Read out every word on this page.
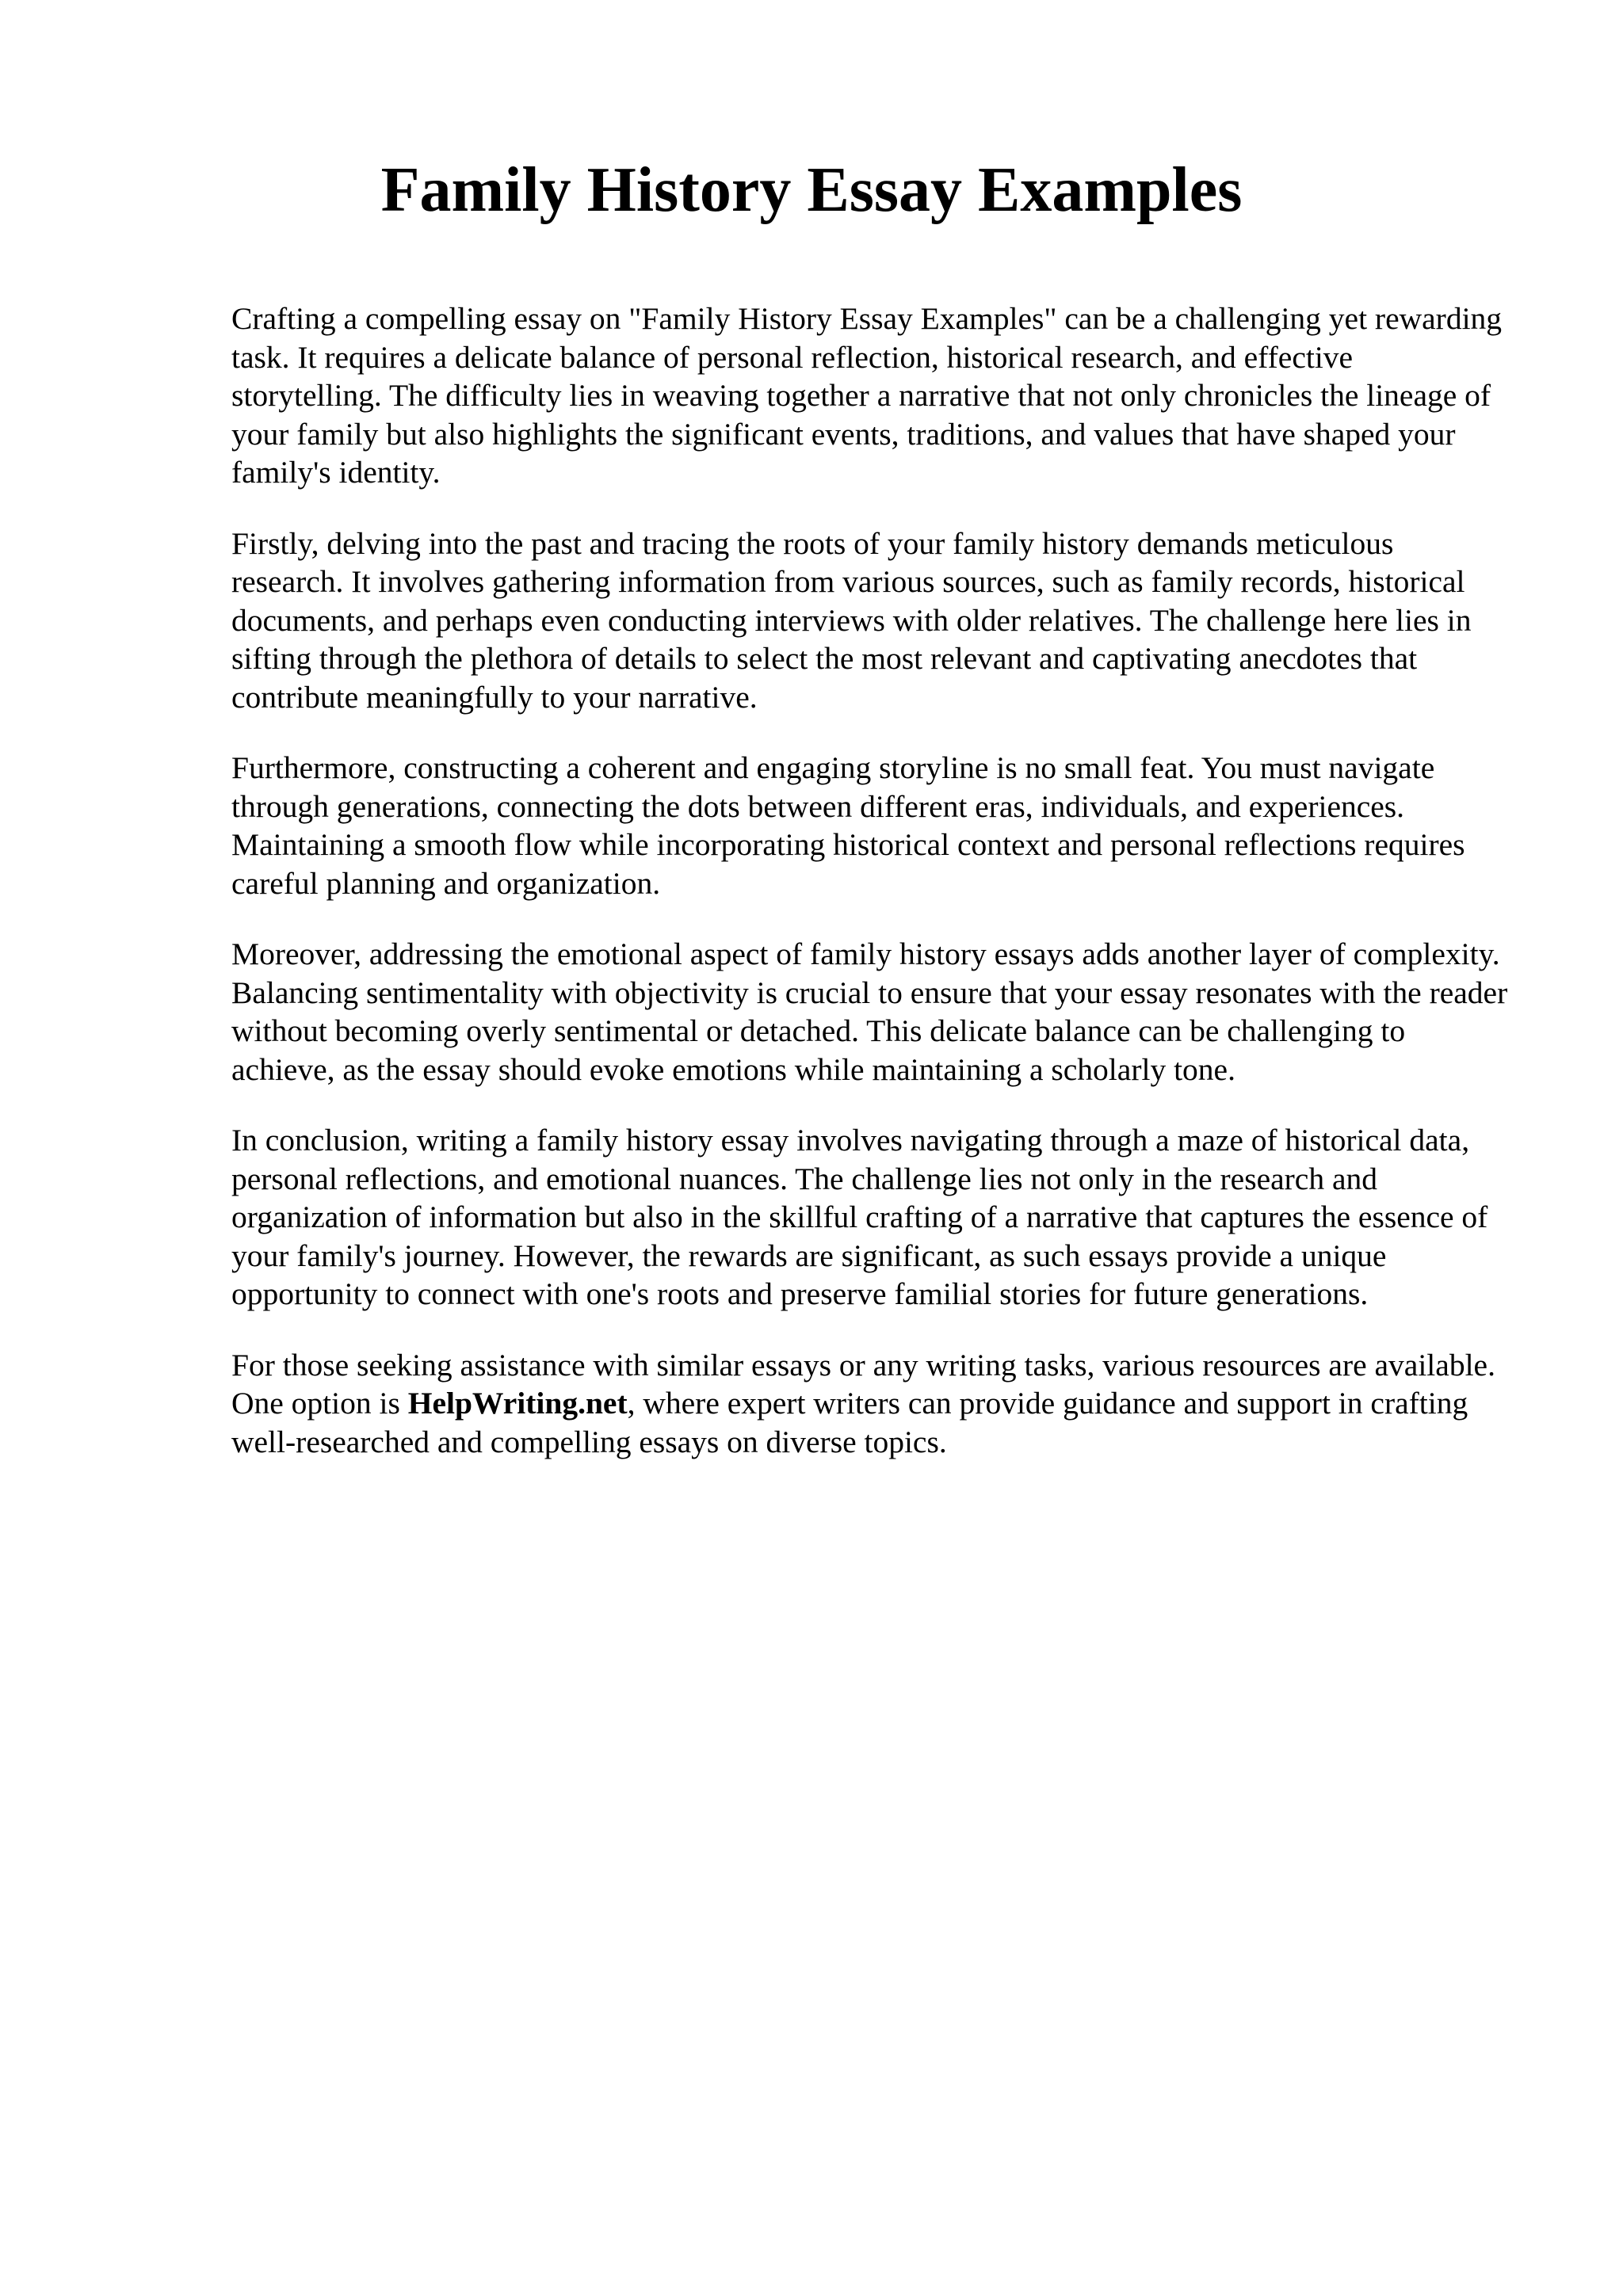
Family History Essay Examples

Crafting a compelling essay on "Family History Essay Examples" can be a challenging yet rewarding task. It requires a delicate balance of personal reflection, historical research, and effective storytelling. The difficulty lies in weaving together a narrative that not only chronicles the lineage of your family but also highlights the significant events, traditions, and values that have shaped your family's identity.

Firstly, delving into the past and tracing the roots of your family history demands meticulous research. It involves gathering information from various sources, such as family records, historical documents, and perhaps even conducting interviews with older relatives. The challenge here lies in sifting through the plethora of details to select the most relevant and captivating anecdotes that contribute meaningfully to your narrative.

Furthermore, constructing a coherent and engaging storyline is no small feat. You must navigate through generations, connecting the dots between different eras, individuals, and experiences. Maintaining a smooth flow while incorporating historical context and personal reflections requires careful planning and organization.

Moreover, addressing the emotional aspect of family history essays adds another layer of complexity. Balancing sentimentality with objectivity is crucial to ensure that your essay resonates with the reader without becoming overly sentimental or detached. This delicate balance can be challenging to achieve, as the essay should evoke emotions while maintaining a scholarly tone.

In conclusion, writing a family history essay involves navigating through a maze of historical data, personal reflections, and emotional nuances. The challenge lies not only in the research and organization of information but also in the skillful crafting of a narrative that captures the essence of your family's journey. However, the rewards are significant, as such essays provide a unique opportunity to connect with one's roots and preserve familial stories for future generations.

For those seeking assistance with similar essays or any writing tasks, various resources are available. One option is HelpWriting.net, where expert writers can provide guidance and support in crafting well-researched and compelling essays on diverse topics.
